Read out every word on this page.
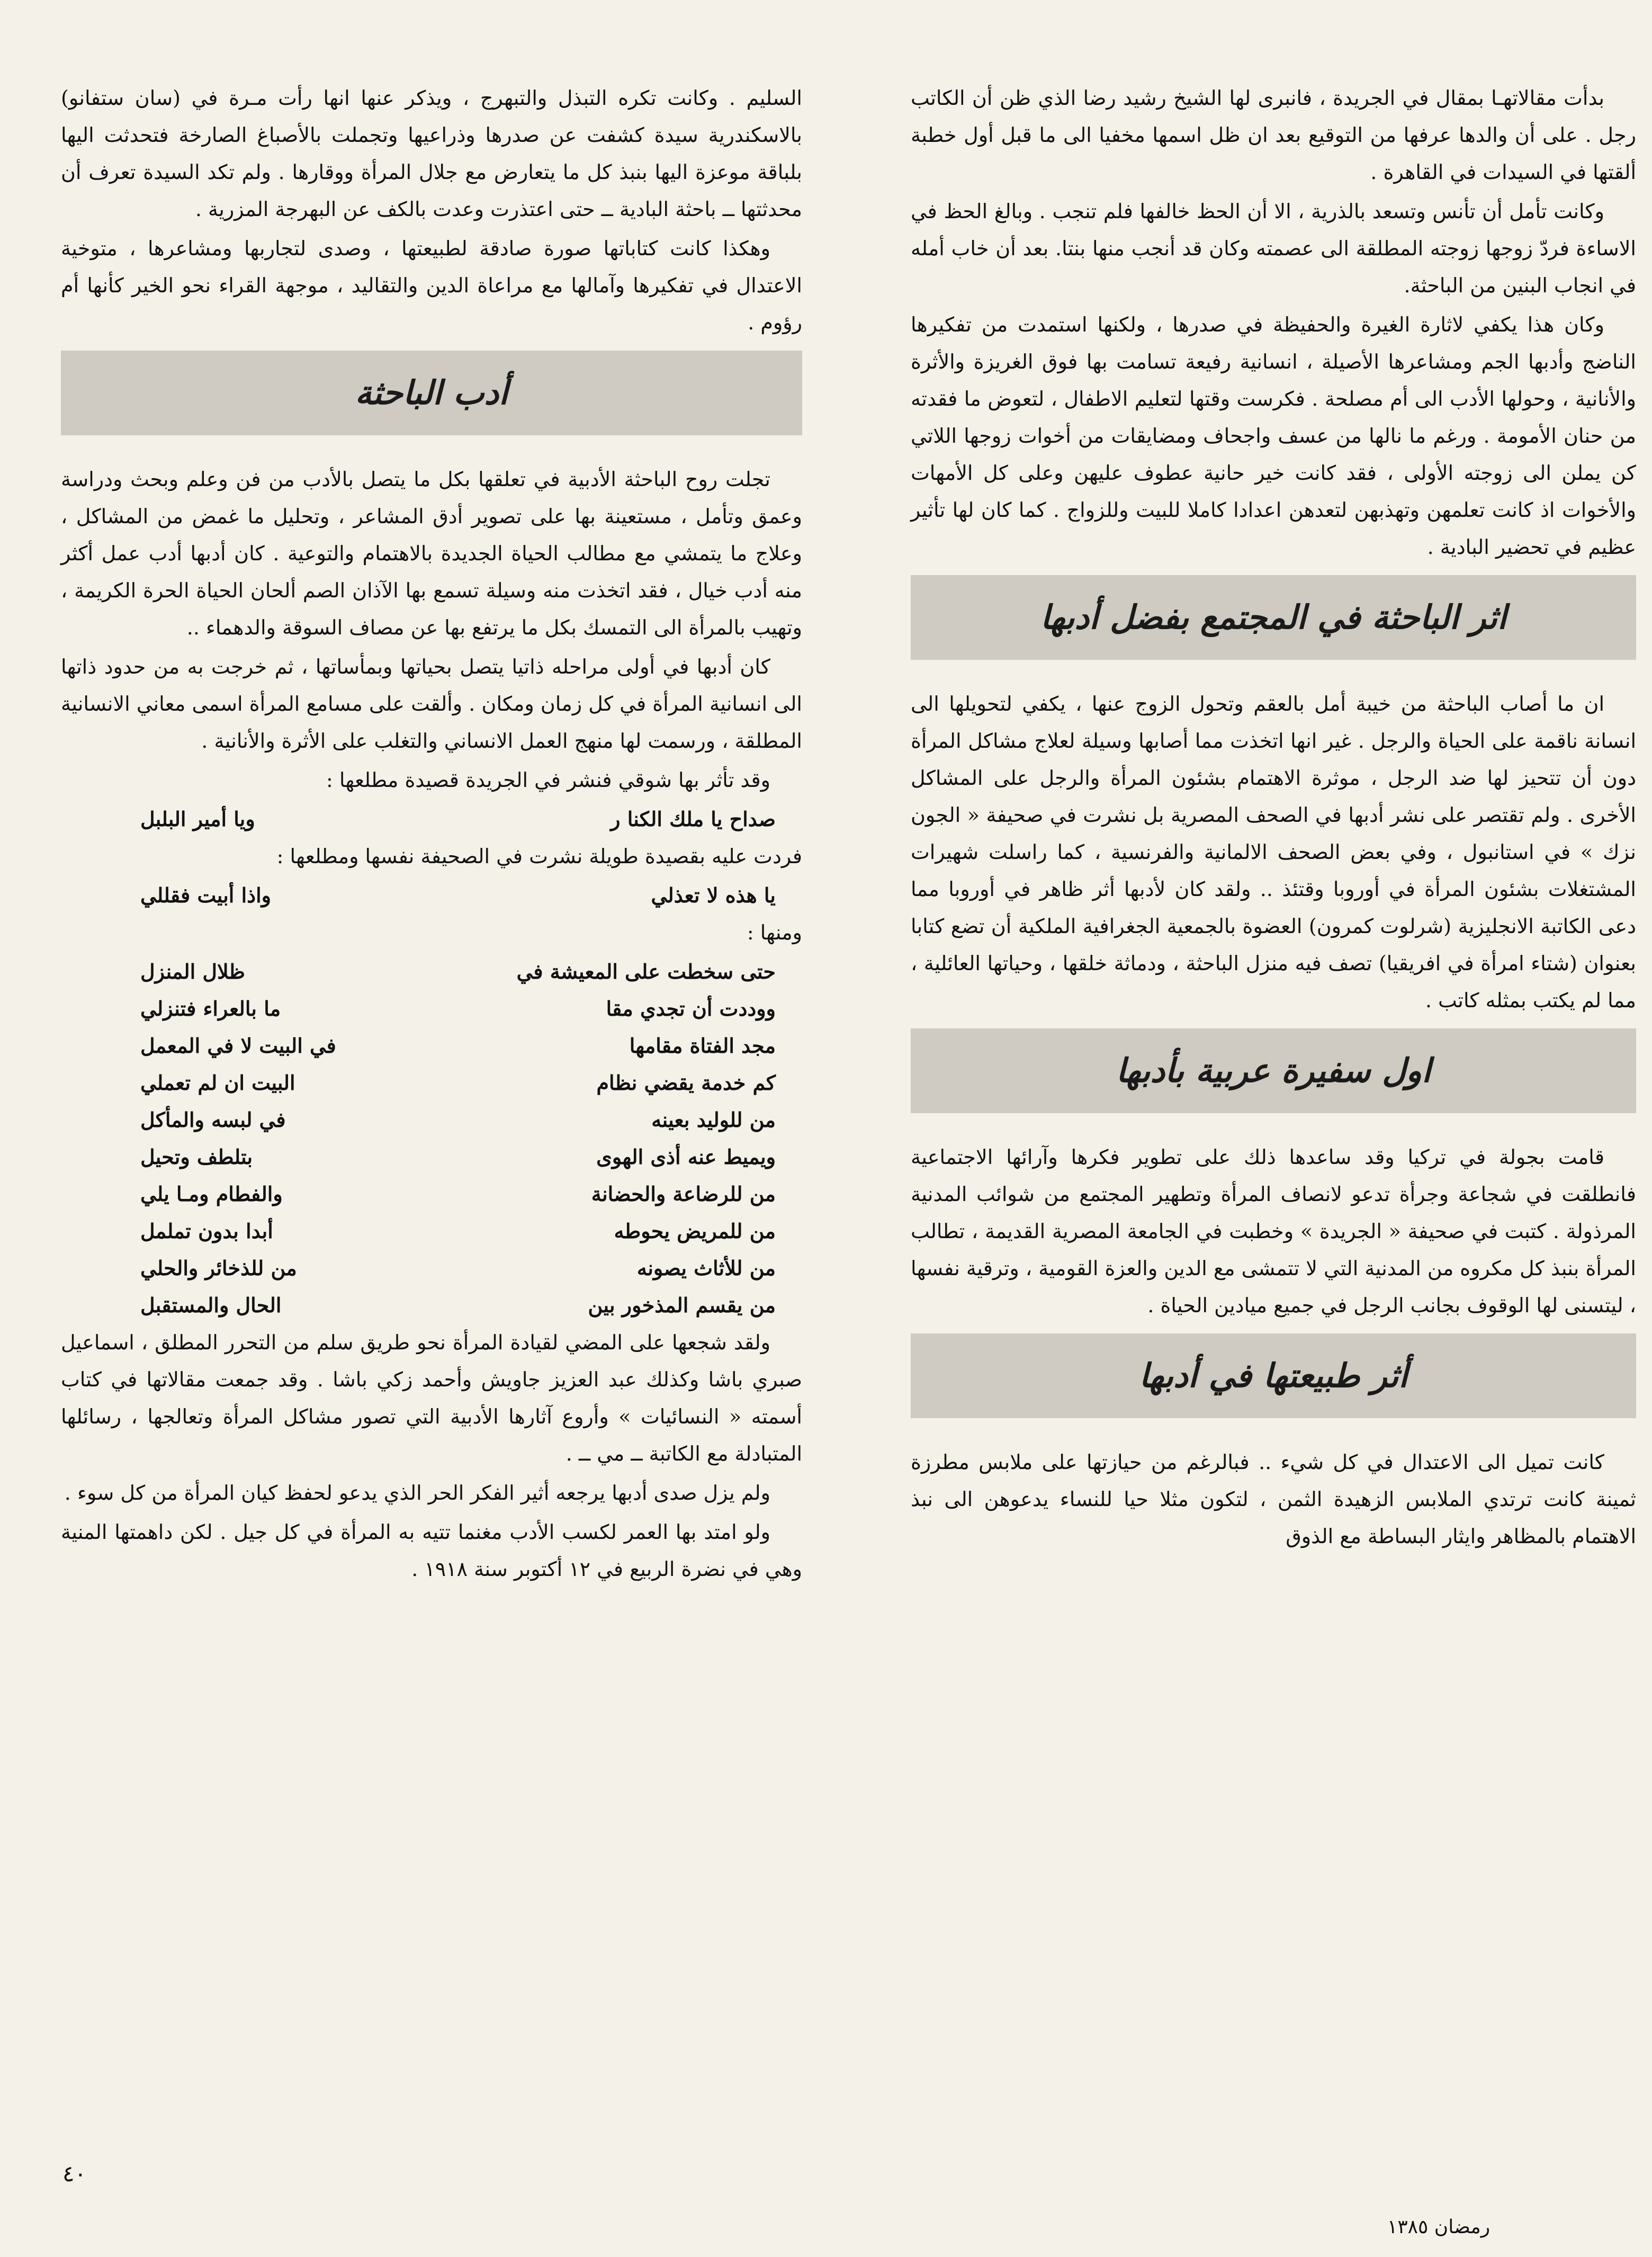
بدأت مقالاتهـا بمقال في الجريدة ، فانبرى لها الشيخ رشيد رضا الذي ظن أن الكاتب رجل . على أن والدها عرفها من التوقيع بعد ان ظل اسمها مخفيا الى ما قبل أول خطبة ألقتها في السيدات في القاهرة .

وكانت تأمل أن تأنس وتسعد بالذرية ، الا أن الحظ خالفها فلم تنجب . وبالغ الحظ في الاساءة فردّ زوجها زوجته المطلقة الى عصمته وكان قد أنجب منها بنتا. بعد أن خاب أمله في انجاب البنين من الباحثة.

وكان هذا يكفي لاثارة الغيرة والحفيظة في صدرها ، ولكنها استمدت من تفكيرها الناضج وأدبها الجم ومشاعرها الأصيلة ، انسانية رفيعة تسامت بها فوق الغريزة والأثرة والأنانية ، وحولها الأدب الى أم مصلحة . فكرست وقتها لتعليم الاطفال ، لتعوض ما فقدته من حنان الأمومة . ورغم ما نالها من عسف واجحاف ومضايقات من أخوات زوجها اللاتي كن يملن الى زوجته الأولى ، فقد كانت خير حانية عطوف عليهن وعلى كل الأمهات والأخوات اذ كانت تعلمهن وتهذبهن لتعدهن اعدادا كاملا للبيت وللزواج . كما كان لها تأثير عظيم في تحضير البادية .

اثر الباحثة في المجتمع بفضل أدبها

ان ما أصاب الباحثة من خيبة أمل بالعقم وتحول الزوج عنها ، يكفي لتحويلها الى انسانة ناقمة على الحياة والرجل . غير انها اتخذت مما أصابها وسيلة لعلاج مشاكل المرأة دون أن تتحيز لها ضد الرجل ، موثرة الاهتمام بشئون المرأة والرجل على المشاكل الأخرى . ولم تقتصر على نشر أدبها في الصحف المصرية بل نشرت في صحيفة « الجون نزك » في استانبول ، وفي بعض الصحف الالمانية والفرنسية ، كما راسلت شهيرات المشتغلات بشئون المرأة في أوروبا وقتئذ .. ولقد كان لأدبها أثر ظاهر في أوروبا مما دعى الكاتبة الانجليزية (شرلوت كمرون) العضوة بالجمعية الجغرافية الملكية أن تضع كتابا بعنوان (شتاء امرأة في افريقيا) تصف فيه منزل الباحثة ، ودماثة خلقها ، وحياتها العائلية ، مما لم يكتب بمثله كاتب .

اول سفيرة عربية بأدبها

قامت بجولة في تركيا وقد ساعدها ذلك على تطوير فكرها وآرائها الاجتماعية فانطلقت في شجاعة وجرأة تدعو لانصاف المرأة وتطهير المجتمع من شوائب المدنية المرذولة . كتبت في صحيفة « الجريدة » وخطبت في الجامعة المصرية القديمة ، تطالب المرأة بنبذ كل مكروه من المدنية التي لا تتمشى مع الدين والعزة القومية ، وترقية نفسها ، ليتسنى لها الوقوف بجانب الرجل في جميع ميادين الحياة .

أثر طبيعتها في أدبها

كانت تميل الى الاعتدال في كل شيء .. فبالرغم من حيازتها على ملابس مطرزة ثمينة كانت ترتدي الملابس الزهيدة الثمن ، لتكون مثلا حيا للنساء يدعوهن الى نبذ الاهتمام بالمظاهر وايثار البساطة مع الذوق

السليم . وكانت تكره التبذل والتبهرج ، ويذكر عنها انها رأت مـرة في (سان ستفانو) بالاسكندرية سيدة كشفت عن صدرها وذراعيها وتجملت بالأصباغ الصارخة فتحدثت اليها بلباقة موعزة اليها بنبذ كل ما يتعارض مع جلال المرأة ووقارها . ولم تكد السيدة تعرف أن محدثتها ــ باحثة البادية ــ حتى اعتذرت وعدت بالكف عن البهرجة المزرية .

وهكذا كانت كتاباتها صورة صادقة لطبيعتها ، وصدى لتجاربها ومشاعرها ، متوخية الاعتدال في تفكيرها وآمالها مع مراعاة الدين والتقاليد ، موجهة القراء نحو الخير كأنها أم رؤوم .

أدب الباحثة

تجلت روح الباحثة الأدبية في تعلقها بكل ما يتصل بالأدب من فن وعلم وبحث ودراسة وعمق وتأمل ، مستعينة بها على تصوير أدق المشاعر ، وتحليل ما غمض من المشاكل ، وعلاج ما يتمشي مع مطالب الحياة الجديدة بالاهتمام والتوعية . كان أدبها أدب عمل أكثر منه أدب خيال ، فقد اتخذت منه وسيلة تسمع بها الآذان الصم ألحان الحياة الحرة الكريمة ، وتهيب بالمرأة الى التمسك بكل ما يرتفع بها عن مصاف السوقة والدهماء ..

كان أدبها في أولى مراحله ذاتيا يتصل بحياتها وبمأساتها ، ثم خرجت به من حدود ذاتها الى انسانية المرأة في كل زمان ومكان . وألقت على مسامع المرأة اسمى معاني الانسانية المطلقة ، ورسمت لها منهج العمل الانساني والتغلب على الأثرة والأنانية .

وقد تأثر بها شوقي فنشر في الجريدة قصيدة مطلعها :

صداح يا ملك الكنا ر
ويا أمير البلبل

فردت عليه بقصيدة طويلة نشرت في الصحيفة نفسها ومطلعها :

يا هذه لا تعذلي
واذا أبيت فقللي

ومنها :

حتى سخطت على المعيشة في
ظلال المنزل
ووددت أن تجدي مقا
ما بالعراء فتنزلي
مجد الفتاة مقامها
في البيت لا في المعمل
كم خدمة يقضي نظام
البيت ان لم تعملي
من للوليد بعينه
في لبسه والمأكل
ويميط عنه أذى الهوى
بتلطف وتحيل
من للرضاعة والحضانة
والفطام ومـا يلي
من للمريض يحوطه
أبدا بدون تململ
من للأثاث يصونه
من للذخائر والحلي
من يقسم المذخور بين
الحال والمستقبل

ولقد شجعها على المضي لقيادة المرأة نحو طريق سلم من التحرر المطلق ، اسماعيل صبري باشا وكذلك عبد العزيز جاويش وأحمد زكي باشا . وقد جمعت مقالاتها في كتاب أسمته « النسائيات » وأروع آثارها الأدبية التي تصور مشاكل المرأة وتعالجها ، رسائلها المتبادلة مع الكاتبة ــ مي ــ .

ولم يزل صدى أدبها يرجعه أثير الفكر الحر الذي يدعو لحفظ كيان المرأة من كل سوء .

ولو امتد بها العمر لكسب الأدب مغنما تتيه به المرأة في كل جيل . لكن داهمتها المنية وهي في نضرة الربيع في ١٢ أكتوبر سنة ١٩١٨ .

٤٠
رمضان ١٣٨٥
